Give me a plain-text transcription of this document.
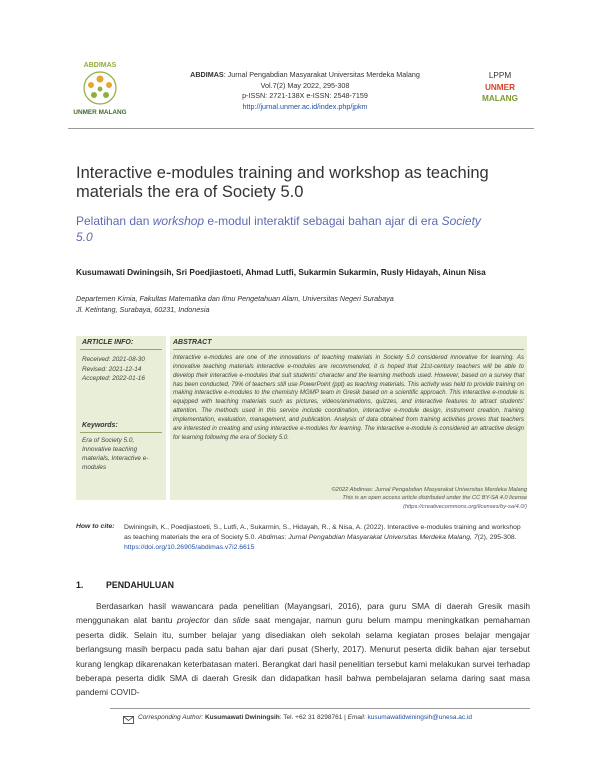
ABDIMAS
UNMER MALANG
ABDIMAS: Jurnal Pengabdian Masyarakat Universitas Merdeka Malang
Vol.7(2) May 2022, 295-308
p-ISSN: 2721-138X e-ISSN: 2548-7159
http://jurnal.unmer.ac.id/index.php/jpkm
LPPM
UNMER
MALANG
Interactive e-modules training and workshop as teaching materials the era of Society 5.0
Pelatihan dan workshop e-modul interaktif sebagai bahan ajar di era Society 5.0
Kusumawati Dwiningsih, Sri Poedjiastoeti, Ahmad Lutfi, Sukarmin Sukarmin, Rusly Hidayah, Ainun Nisa
Departemen Kimia, Fakultas Matematika dan Ilmu Pengetahuan Alam, Universitas Negeri Surabaya
Jl. Ketintang, Surabaya, 60231, Indonesia
ARTICLE INFO:
Received: 2021-08-30
Revised: 2021-12-14
Accepted: 2022-01-16
Keywords:
Era of Society 5.0,
Innovative teaching materials, Interactive e-modules
ABSTRACT
Interactive e-modules are one of the innovations of teaching materials in Society 5.0 considered innovative for learning. As innovative teaching materials interactive e-modules are recommended, it is hoped that 21st-century teachers will be able to develop their interactive e-modules that suit students' character and the learning methods used. However, based on a survey that has been conducted, 79% of teachers still use PowerPoint (ppt) as teaching materials. This activity was held to provide training on making interactive e-modules to the chemistry MGMP team in Gresik based on a scientific approach. This interactive e-module is equipped with teaching materials such as pictures, videos/animations, quizzes, and interactive features to attract students' attention. The methods used in this service include coordination, interactive e-module design, instrument creation, training implementation, evaluation, management, and publication. Analysis of data obtained from training activities proves that teachers are interested in creating and using interactive e-modules for learning. The interactive e-module is considered an attractive design for learning following the era of Society 5.0.
©2022 Abdimas: Jurnal Pengabdian Masyarakat Universitas Merdeka Malang
This is an open access article distributed under the CC BY-SA 4.0 license
(https://creativecommons.org/licenses/by-sa/4.0/)
How to cite: Dwiningsih, K., Poedjiastoeti, S., Lutfi, A., Sukarmin, S., Hidayah, R., & Nisa, A. (2022). Interactive e-modules training and workshop as teaching materials the era of Society 5.0. Abdimas: Jurnal Pengabdian Masyarakat Universitas Merdeka Malang, 7(2), 295-308. https://doi.org/10.26905/abdimas.v7i2.6615
1.	PENDAHULUAN
Berdasarkan hasil wawancara pada penelitian (Mayangsari, 2016), para guru SMA di daerah Gresik masih menggunakan alat bantu projector dan slide saat mengajar, namun guru belum mampu meningkatkan pemahaman peserta didik. Selain itu, sumber belajar yang disediakan oleh sekolah selama kegiatan proses belajar mengajar berlangsung masih berpacu pada satu bahan ajar dari pusat (Sherly, 2017). Menurut peserta didik bahan ajar tersebut kurang lengkap dikarenakan keterbatasan materi. Berangkat dari hasil penelitian tersebut kami melakukan survei terhadap beberapa peserta didik SMA di daerah Gresik dan didapatkan hasil bahwa pembelajaran selama daring saat masa pandemi COVID-
Corresponding Author: Kusumawati Dwiningsih: Tel. +62 31 8298761 | Email: kusumawatidwiningsih@unesa.ac.id
